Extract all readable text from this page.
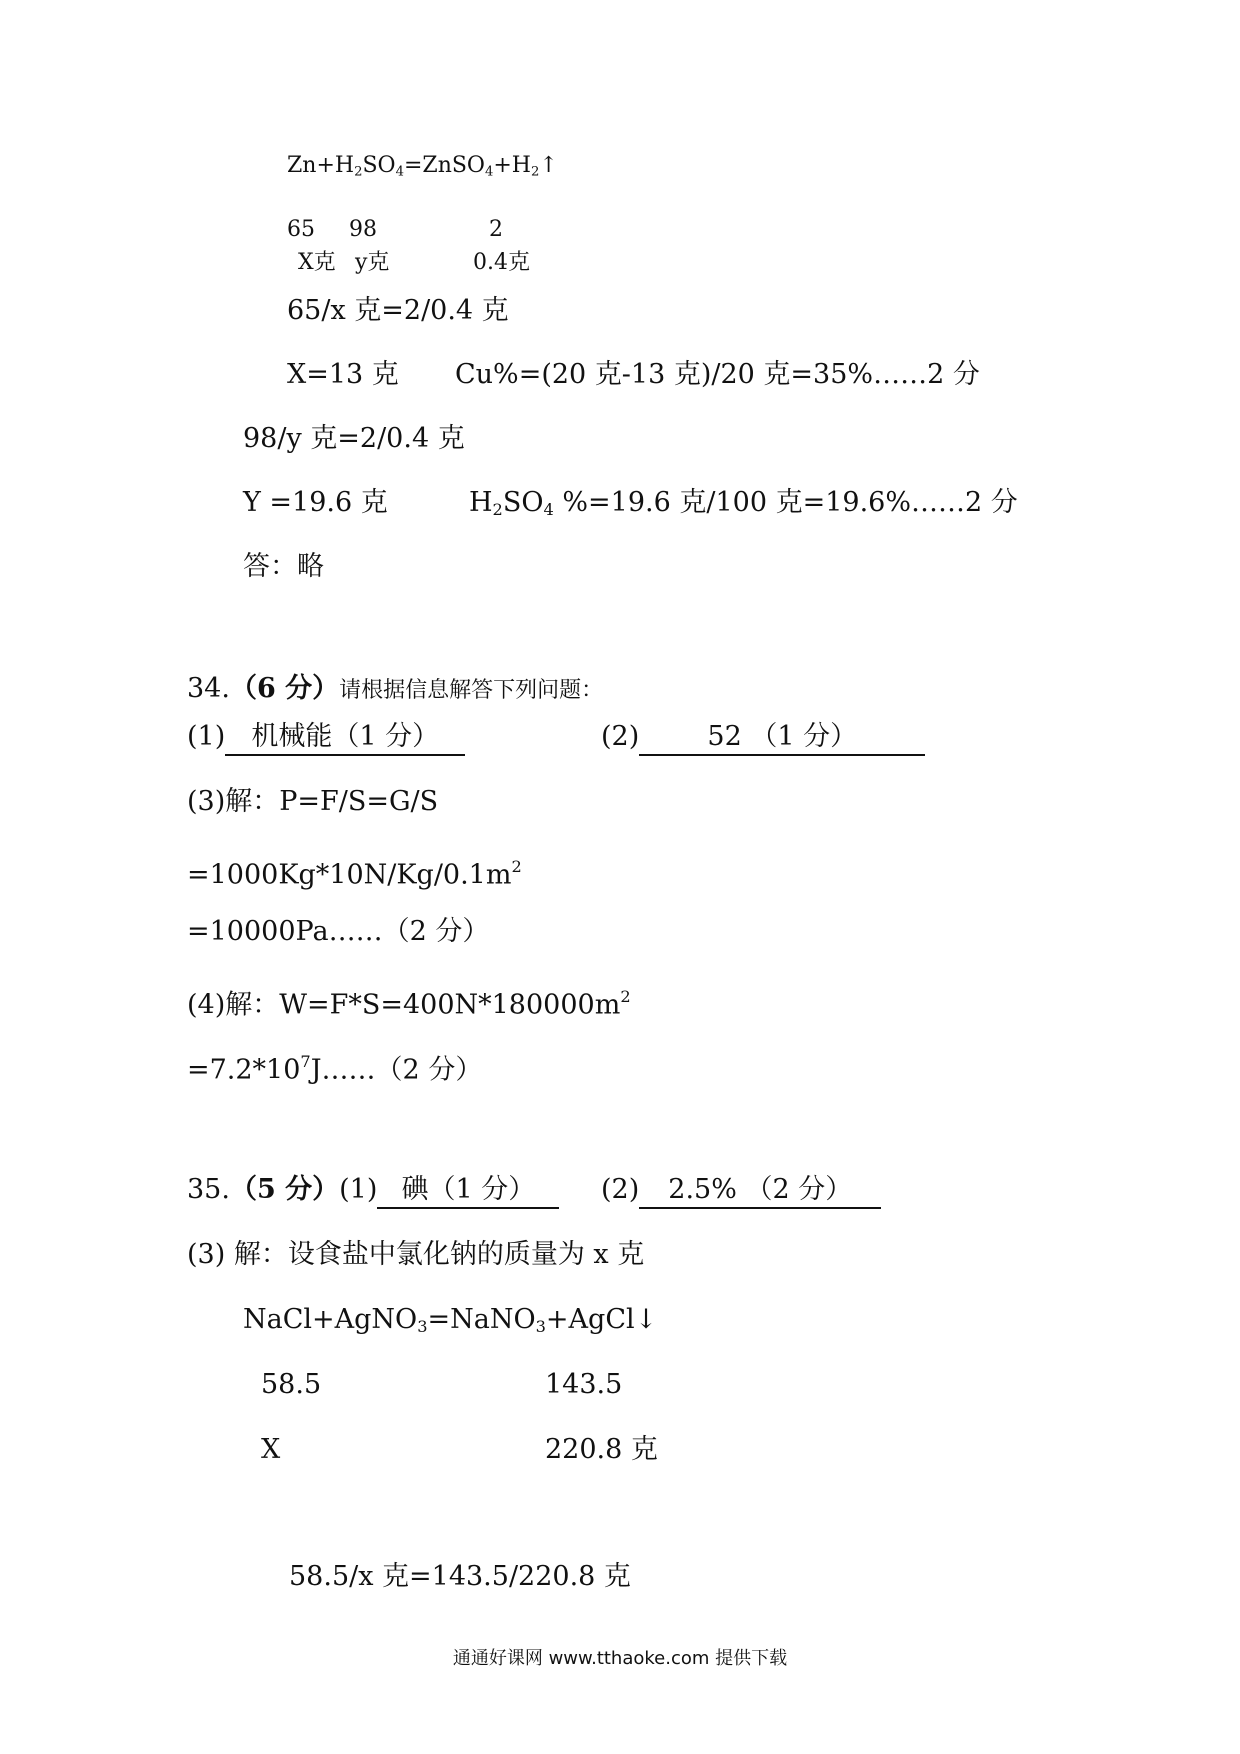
$Zn+H_2SO_4=ZnSO_4+H_2↑$
65 98	2
X克 y克	0.4克
65/x 克=2/0.4 克
X=13 克 Cu%=(20 克-13 克)/20 克=35%……2 分
98/y 克=2/0.4 克
Y =19.6 克	$H_2SO_4$ %=19.6 克/100 克=19.6%……2 分
答：略
34.（6 分）请根据信息解答下列问题：
(1) 机械能（1 分）	(2)	52 （1 分）
(3)解：P=F/S=G/S
$=1000Kg*10N/Kg/0.1m^2$
=10000Pa……（2 分）
(4)解：$W=F*S=400N*180000m^2$
$=7.2*10^7J\dots\dots(2$ 分）
35.（5 分）(1) 碘（1 分）	(2) 2.5% （2 分）
(3) 解：设食盐中氯化钠的质量为 x 克
NaCl+AgNO$_3$=NaNO$_3$+AgCl↓
58.5	143.5
X	220.8 克
58.5/x 克=143.5/220.8 克
通通好课网 www.tthaoke.com 提供下载
